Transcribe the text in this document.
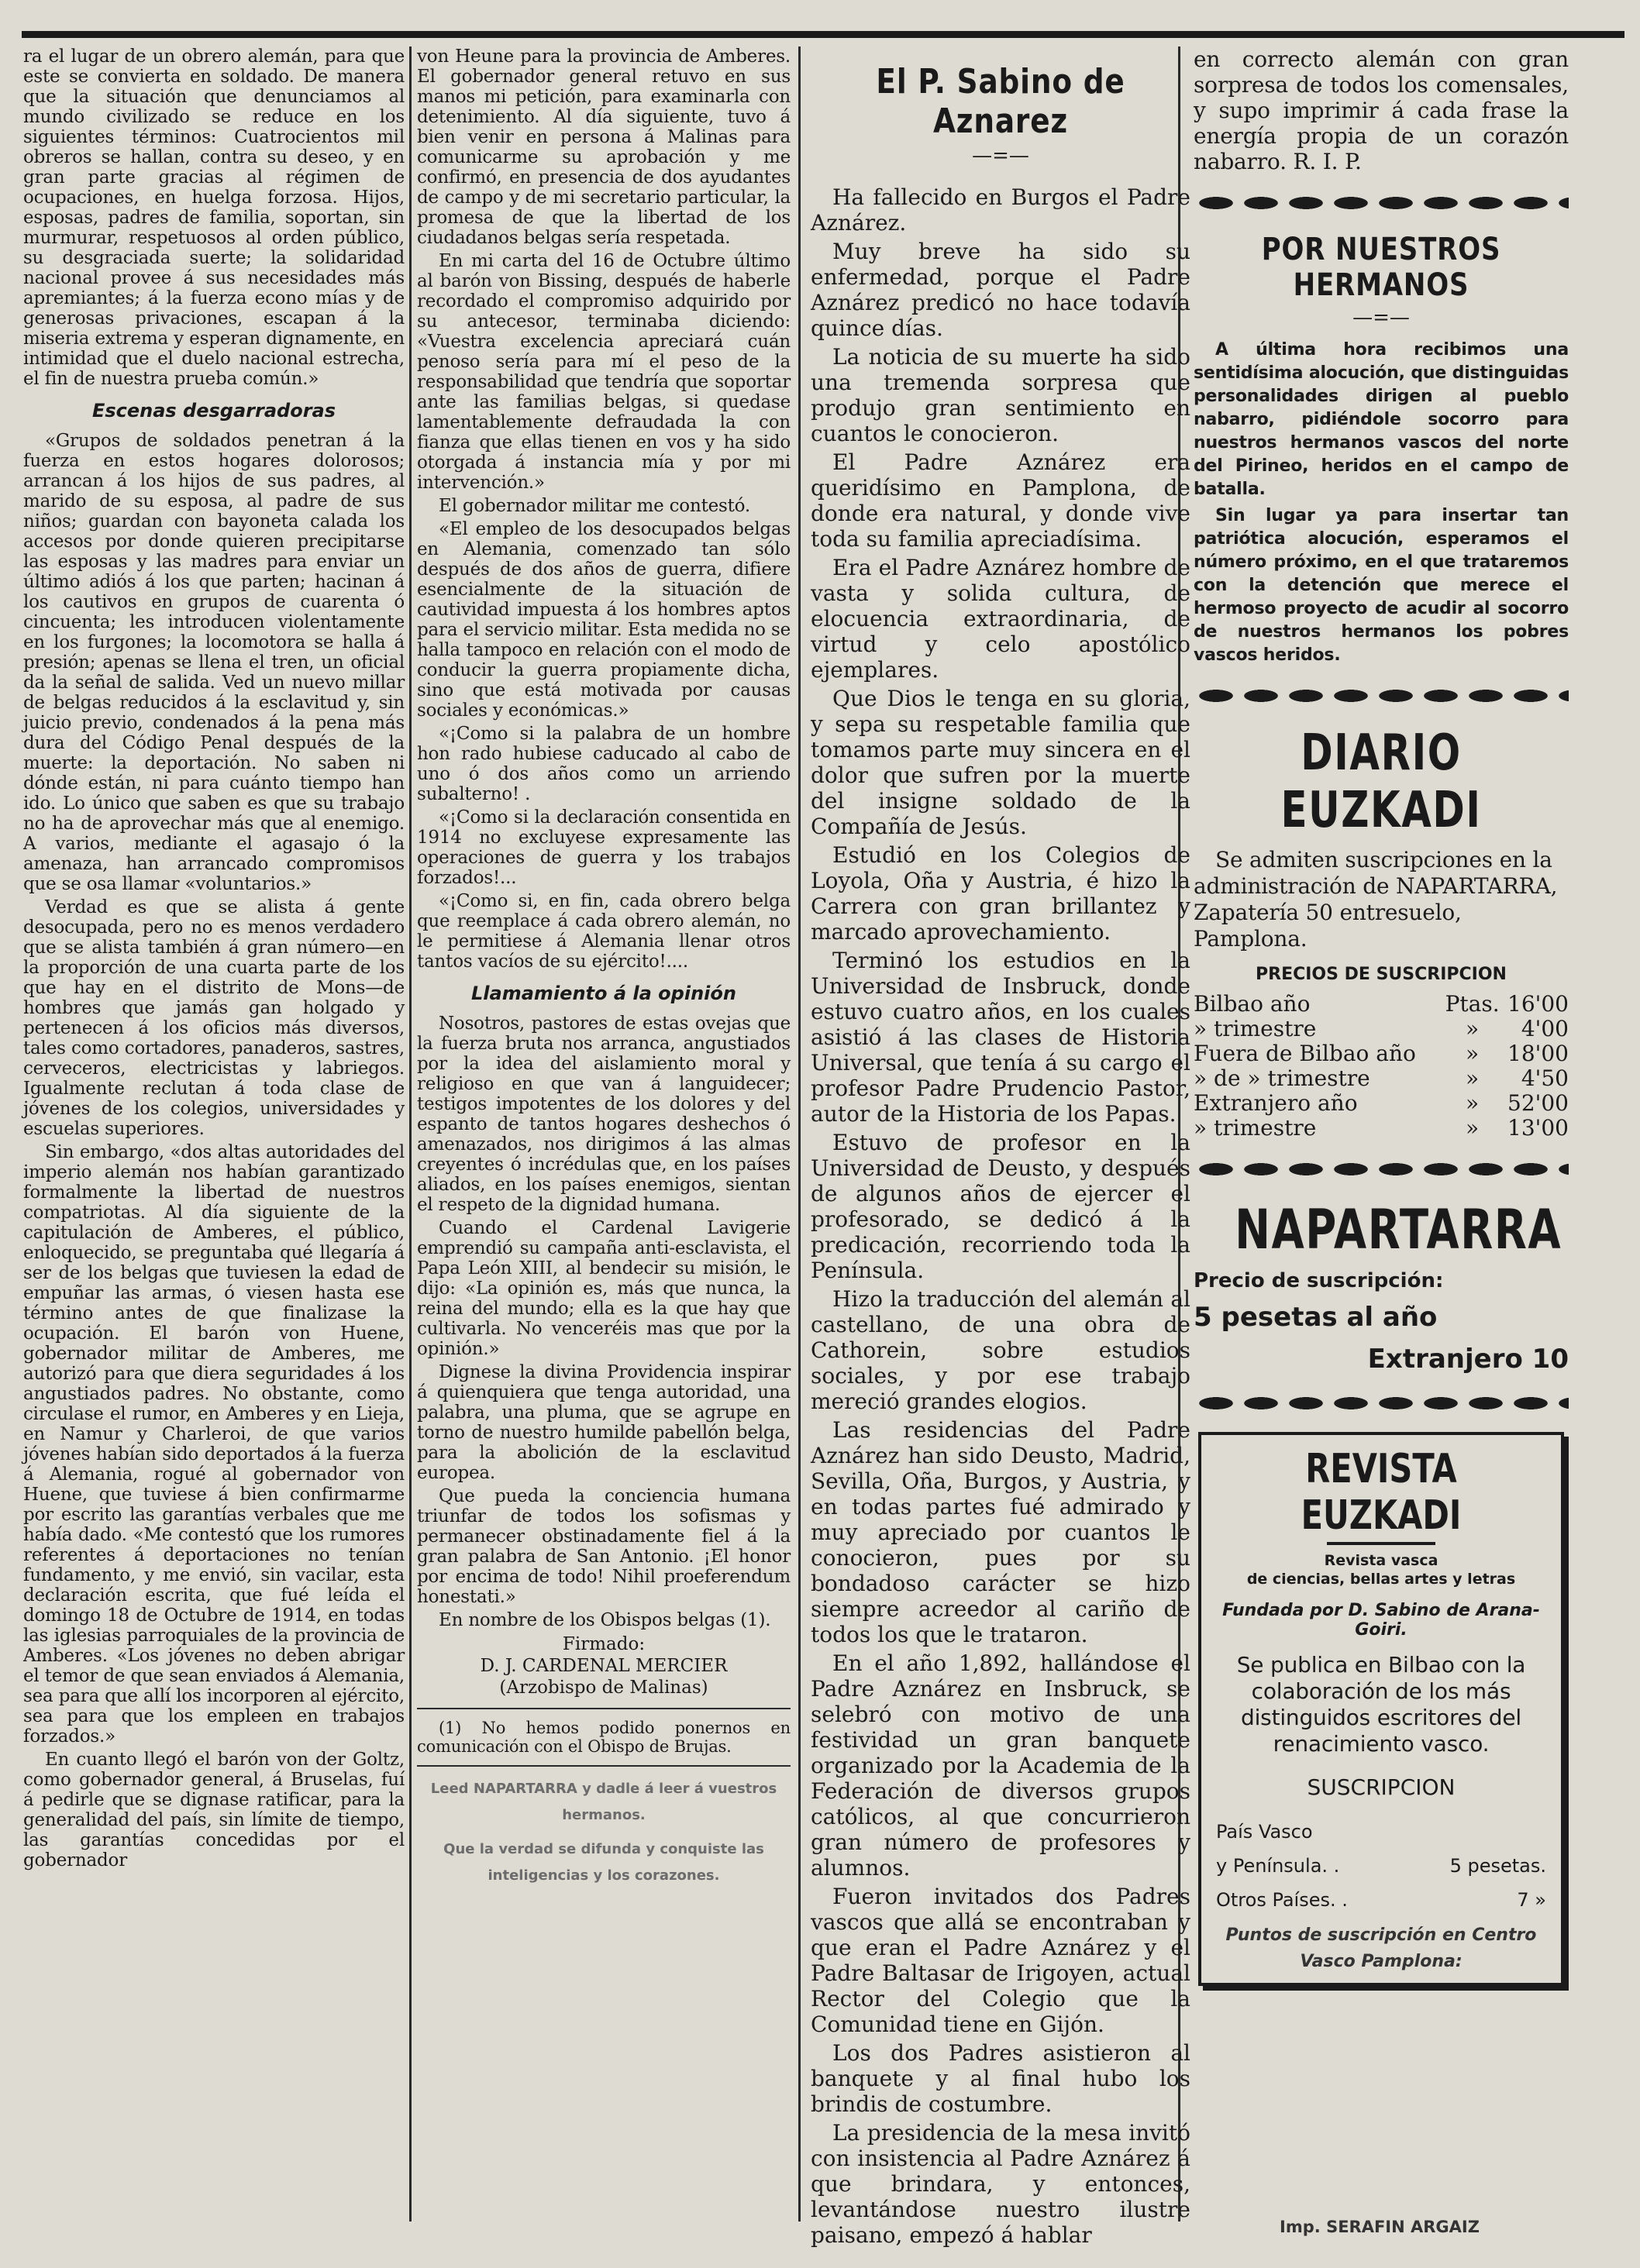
ra el lugar de un obrero alemán, para que este se convierta en soldado. De manera que la situación que denunciamos al mundo civilizado se reduce en los siguientes términos: Cuatrocientos mil obreros se hallan, contra su deseo, y en gran parte gracias al régimen de ocupaciones, en huelga forzosa. Hijos, esposas, padres de familia, soportan, sin murmurar, respetuosos al orden público, su desgraciada suerte; la solidaridad nacional provee á sus necesidades más apremiantes; á la fuerza econo mías y de generosas privaciones, escapan á la miseria extrema y esperan dignamente, en intimidad que el duelo nacional estrecha, el fin de nuestra prueba común.»

Escenas desgarradoras

«Grupos de soldados penetran á la fuerza en estos hogares dolorosos; arrancan á los hijos de sus padres, al marido de su esposa, al padre de sus niños; guardan con bayoneta calada los accesos por donde quieren precipitarse las esposas y las madres para enviar un último adiós á los que parten; hacinan á los cautivos en grupos de cuarenta ó cincuenta; les introducen violentamente en los furgones; la locomotora se halla á presión; apenas se llena el tren, un oficial da la señal de salida. Ved un nuevo millar de belgas reducidos á la esclavitud y, sin juicio previo, condenados á la pena más dura del Código Penal después de la muerte: la deportación. No saben ni dónde están, ni para cuánto tiempo han ido. Lo único que saben es que su trabajo no ha de aprovechar más que al enemigo. A varios, mediante el agasajo ó la amenaza, han arrancado compromisos que se osa llamar «voluntarios.»

Verdad es que se alista á gente desocupada, pero no es menos verdadero que se alista también á gran número—en la proporción de una cuarta parte de los que hay en el distrito de Mons—de hombres que jamás gan holgado y pertenecen á los oficios más diversos, tales como cortadores, panaderos, sastres, cerveceros, electricistas y labriegos. Igualmente reclutan á toda clase de jóvenes de los colegios, universidades y escuelas superiores.

Sin embargo, «dos altas autoridades del imperio alemán nos habían garantizado formalmente la libertad de nuestros compatriotas. Al día siguiente de la capitulación de Amberes, el público, enloquecido, se preguntaba qué llegaría á ser de los belgas que tuviesen la edad de empuñar las armas, ó viesen hasta ese término antes de que finalizase la ocupación. El barón von Huene, gobernador militar de Amberes, me autorizó para que diera seguridades á los angustiados padres. No obstante, como circulase el rumor, en Amberes y en Lieja, en Namur y Charleroi, de que varios jóvenes habían sido deportados á la fuerza á Alemania, rogué al gobernador von Huene, que tuviese á bien confirmarme por escrito las garantías verbales que me había dado. «Me contestó que los rumores referentes á deportaciones no tenían fundamento, y me envió, sin vacilar, esta declaración escrita, que fué leída el domingo 18 de Octubre de 1914, en todas las iglesias parroquiales de la provincia de Amberes. «Los jóvenes no deben abrigar el temor de que sean enviados á Alemania, sea para que allí los incorporen al ejército, sea para que los empleen en trabajos forzados.»

En cuanto llegó el barón von der Goltz, como gobernador general, á Bruselas, fuí á pedirle que se dignase ratificar, para la generalidad del país, sin límite de tiempo, las garantías concedidas por el gobernador

von Heune para la provincia de Amberes. El gobernador general retuvo en sus manos mi petición, para examinarla con detenimiento. Al día siguiente, tuvo á bien venir en persona á Malinas para comunicarme su aprobación y me confirmó, en presencia de dos ayudantes de campo y de mi secretario particular, la promesa de que la libertad de los ciudadanos belgas sería respetada.

En mi carta del 16 de Octubre último al barón von Bissing, después de haberle recordado el compromiso adquirido por su antecesor, terminaba diciendo: «Vuestra excelencia apreciará cuán penoso sería para mí el peso de la responsabilidad que tendría que soportar ante las familias belgas, si quedase lamentablemente defraudada la con fianza que ellas tienen en vos y ha sido otorgada á instancia mía y por mi intervención.»

El gobernador militar me contestó.

«El empleo de los desocupados belgas en Alemania, comenzado tan sólo después de dos años de guerra, difiere esencialmente de la situación de cautividad impuesta á los hombres aptos para el servicio militar. Esta medida no se halla tampoco en relación con el modo de conducir la guerra propiamente dicha, sino que está motivada por causas sociales y económicas.»

«¡Como si la palabra de un hombre hon rado hubiese caducado al cabo de uno ó dos años como un arriendo subalterno! .

«¡Como si la declaración consentida en 1914 no excluyese expresamente las operaciones de guerra y los trabajos forzados!...

«¡Como si, en fin, cada obrero belga que reemplace á cada obrero alemán, no le permitiese á Alemania llenar otros tantos vacíos de su ejército!....

Llamamiento á la opinión

Nosotros, pastores de estas ovejas que la fuerza bruta nos arranca, angustiados por la idea del aislamiento moral y religioso en que van á languidecer; testigos impotentes de los dolores y del espanto de tantos hogares deshechos ó amenazados, nos dirigimos á las almas creyentes ó incrédulas que, en los países aliados, en los países enemigos, sientan el respeto de la dignidad humana.

Cuando el Cardenal Lavigerie emprendió su campaña anti-esclavista, el Papa León XIII, al bendecir su misión, le dijo: «La opinión es, más que nunca, la reina del mundo; ella es la que hay que cultivarla. No venceréis mas que por la opinión.»

Dignese la divina Providencia inspirar á quienquiera que tenga autoridad, una palabra, una pluma, que se agrupe en torno de nuestro humilde pabellón belga, para la abolición de la esclavitud europea.

Que pueda la conciencia humana triunfar de todos los sofismas y permanecer obstinadamente fiel á la gran palabra de San Antonio. ¡El honor por encima de todo! Nihil proeferendum honestati.»

En nombre de los Obispos belgas (1).

Firmado:
D. J. CARDENAL MERCIER
(Arzobispo de Malinas)

(1) No hemos podido ponernos en comunicación con el Obispo de Brujas.

Leed NAPARTARRA y dadle á leer á vuestros hermanos.
Que la verdad se difunda y conquiste las inteligencias y los corazones.
El P. Sabino de Aznarez
—=—

Ha fallecido en Burgos el Padre Aznárez.

Muy breve ha sido su enfermedad, porque el Padre Aznárez predicó no hace todavía quince días.

La noticia de su muerte ha sido una tremenda sorpresa que produjo gran sentimiento en cuantos le conocieron.

El Padre Aznárez era queridísimo en Pamplona, de donde era natural, y donde vive toda su familia apreciadísima.

Era el Padre Aznárez hombre de vasta y solida cultura, de elocuencia extraordinaria, de virtud y celo apostólico ejemplares.

Que Dios le tenga en su gloria, y sepa su respetable familia que tomamos parte muy sincera en el dolor que sufren por la muerte del insigne soldado de la Compañía de Jesús.

Estudió en los Colegios de Loyola, Oña y Austria, é hizo la Carrera con gran brillantez y marcado aprovechamiento.

Terminó los estudios en la Universidad de Insbruck, donde estuvo cuatro años, en los cuales asistió á las clases de Historia Universal, que tenía á su cargo el profesor Padre Prudencio Pastor, autor de la Historia de los Papas.

Estuvo de profesor en la Universidad de Deusto, y después de algunos años de ejercer el profesorado, se dedicó á la predicación, recorriendo toda la Península.

Hizo la traducción del alemán al castellano, de una obra de Cathorein, sobre estudios sociales, y por ese trabajo mereció grandes elogios.

Las residencias del Padre Aznárez han sido Deusto, Madrid, Sevilla, Oña, Burgos, y Austria, y en todas partes fué admirado y muy apreciado por cuantos le conocieron, pues por su bondadoso carácter se hizo siempre acreedor al cariño de todos los que le trataron.

En el año 1,892, hallándose el Padre Aznárez en Insbruck, se selebró con motivo de una festividad un gran banquete organizado por la Academia de la Federación de diversos grupos católicos, al que concurrieron gran número de profesores y alumnos.

Fueron invitados dos Padres vascos que allá se encontraban y que eran el Padre Aznárez y el Padre Baltasar de Irigoyen, actual Rector del Colegio que la Comunidad tiene en Gijón.

Los dos Padres asistieron al banquete y al final hubo los brindis de costumbre.

La presidencia de la mesa invitó con insistencia al Padre Aznárez á que brindara, y entonces, levantándose nuestro ilustre paisano, empezó á hablar

en correcto alemán con gran sorpresa de todos los comensales, y supo imprimir á cada frase la energía propia de un corazón nabarro. R. I. P.

POR NUESTROS HERMANOS
—=—

A última hora recibimos una sentidísima alocución, que distinguidas personalidades dirigen al pueblo nabarro, pidiéndole socorro para nuestros hermanos vascos del norte del Pirineo, heridos en el campo de batalla.

Sin lugar ya para insertar tan patriótica alocución, esperamos el número próximo, en el que trataremos con la detención que merece el hermoso proyecto de acudir al socorro de nuestros hermanos los pobres vascos heridos.

DIARIO EUZKADI

Se admiten suscripciones en la administración de NAPARTARRA, Zapatería 50 entresuelo, Pamplona.

PRECIOS DE SUSCRIPCION
Bilbao año	Ptas.	16'00
» trimestre	»	4'00
Fuera de Bilbao año	»	18'00
» de » trimestre	»	4'50
Extranjero año	»	52'00
» trimestre	»	13'00
NAPARTARRA
Precio de suscripción:
5 pesetas al año
Extranjero 10
REVISTA EUZKADI
Revista vasca
de ciencias, bellas artes y letras
Fundada por D. Sabino de Arana-Goiri.

Se publica en Bilbao con la colaboración de los más distinguidos escritores del renacimiento vasco.

SUSCRIPCION
País Vasco	
y Península. .	5 pesetas.
Otros Países. .	7 »
Puntos de suscripción en Centro Vasco Pamplona:
Imp. SERAFIN ARGAIZ
